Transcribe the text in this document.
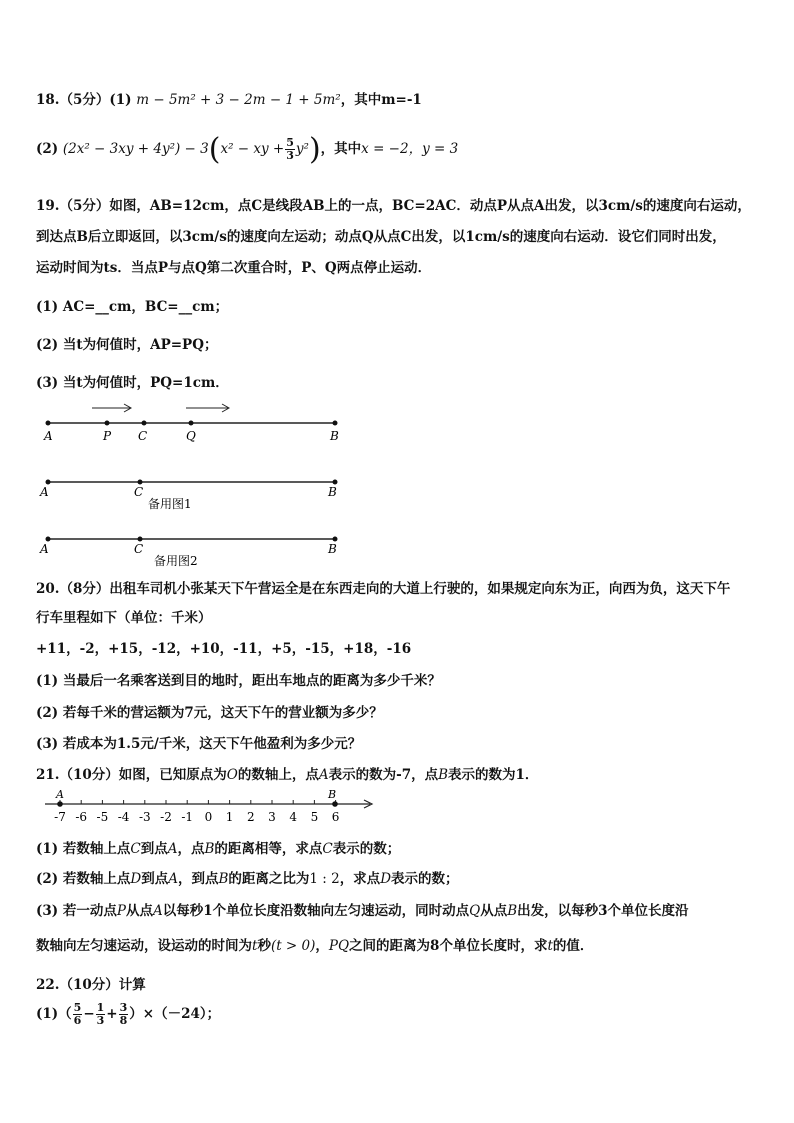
18.（5分）(1) m − 5m² + 3 − 2m − 1 + 5m²，其中m=-1
(2) (2x² − 3xy + 4y²) − 3(x² − xy + $\frac{5}{3} y^2$)，其中x = −2，y = 3
19.（5分）如图，AB=12cm，点C是线段AB上的一点，BC=2AC．动点P从点A出发，以3cm/s的速度向右运动，
到达点B后立即返回，以3cm/s的速度向左运动；动点Q从点C出发，以1cm/s的速度向右运动．设它们同时出发，
运动时间为ts．当点P与点Q第二次重合时，P、Q两点停止运动．
(1) AC=__cm，BC=__cm；
(2) 当t为何值时，AP=PQ；
(3) 当t为何值时，PQ=1cm．
A	P C	Q	B
A	C	B
备用图1
A	C	B
备用图2
20.（8分）出租车司机小张某天下午营运全是在东西走向的大道上行驶的，如果规定向东为正，向西为负，这天下午
行车里程如下（单位：千米）
+11，-2，+15，-12，+10，-11，+5，-15，+18，-16
(1) 当最后一名乘客送到目的地时，距出车地点的距离为多少千米？
(2) 若每千米的营运额为7元，这天下午的营业额为多少？
(3) 若成本为1.5元/千米，这天下午他盈利为多少元？
21.（10分）如图，已知原点为O的数轴上，点A表示的数为-7，点B表示的数为1．
-7 -6 -5 -4 -3 -2 -1 0 1 2 3 4 5 6
A	B
(1) 若数轴上点C到点A，点B的距离相等，求点C表示的数；
(2) 若数轴上点D到点A，到点B的距离之比为1 : 2，求点D表示的数；
(3) 若一动点P从点A以每秒1个单位长度沿数轴向左匀速运动，同时动点Q从点B出发，以每秒3个单位长度沿
数轴向左匀速运动，设运动的时间为t秒(t > 0)，PQ之间的距离为8个单位长度时，求t的值．
22.（10分）计算
$(1)( \frac{5}{6} - \frac{1}{3} + \frac{3}{8} )\times(-24)$；
